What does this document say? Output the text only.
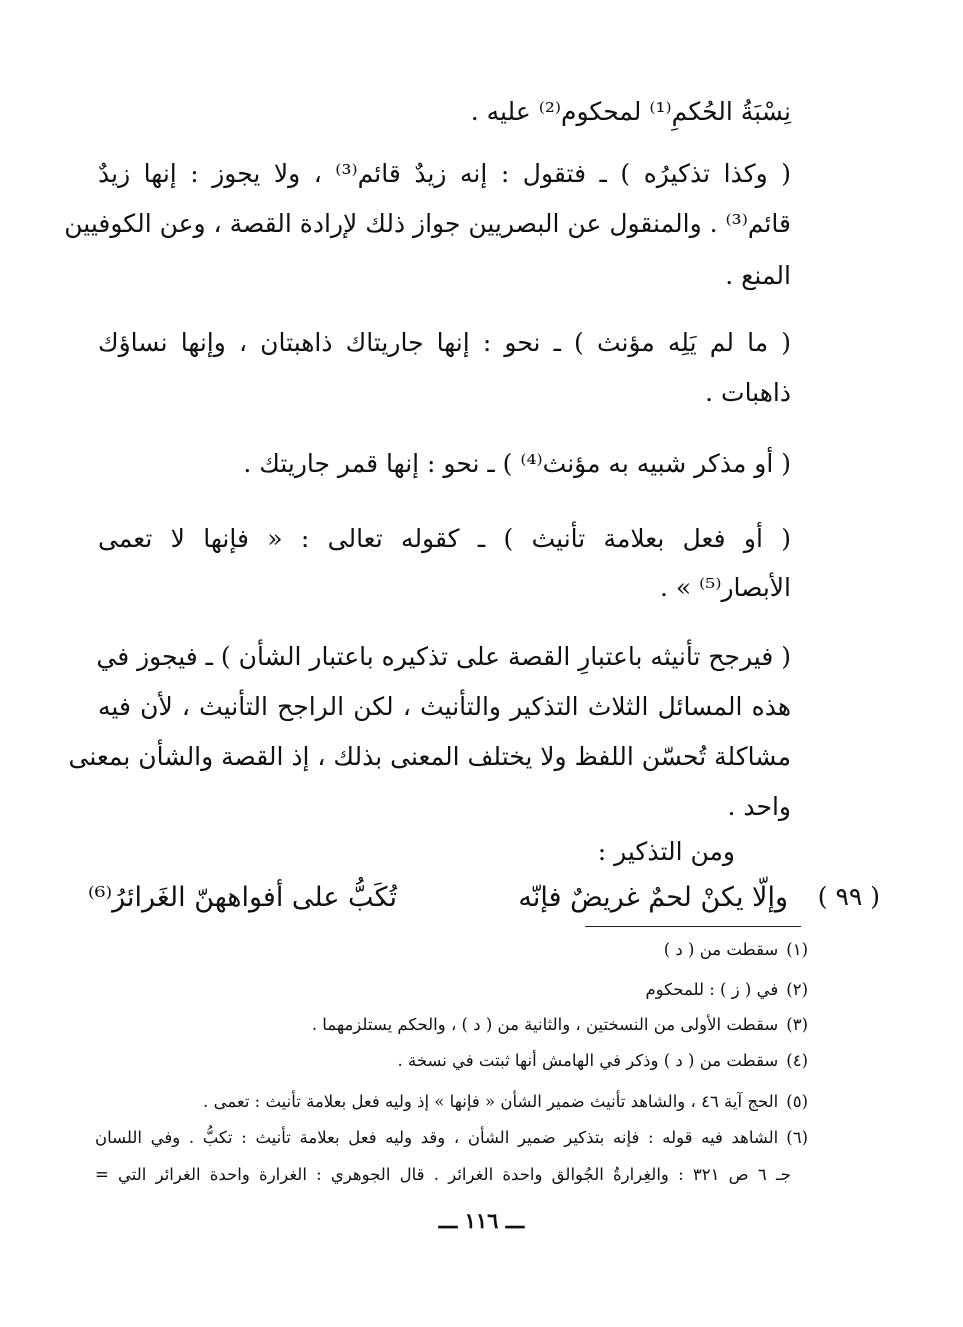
نِسْبَةُ الحُكمِ⁽¹⁾ لمحكوم⁽²⁾ عليه .
( وكذا تذكيرُه ) ـ فتقول : إنه زيدٌ قائم⁽³⁾ ، ولا يجوز : إنها زيدٌ
قائم⁽³⁾ . والمنقول عن البصريين جواز ذلك لإرادة القصة ، وعن الكوفيين
المنع .
( ما لم يَلِه مؤنث ) ـ نحو : إنها جاريتاك ذاهبتان ، وإنها نساؤك
ذاهبات .
( أو مذكر شبيه به مؤنث⁽⁴⁾ ) ـ نحو : إنها قمر جاريتك .
( أو فعل بعلامة تأنيث ) ـ كقوله تعالى : « فإنها لا تعمى
الأبصار⁽⁵⁾ » .
( فيرجح تأنيثه باعتبارِ القصة على تذكيره باعتبار الشأن ) ـ فيجوز في
هذه المسائل الثلاث التذكير والتأنيث ، لكن الراجح التأنيث ، لأن فيه
مشاكلة تُحسّن اللفظ ولا يختلف المعنى بذلك ، إذ القصة والشأن بمعنى
واحد .
ومن التذكير :
( ٩٩ )
وإلّا يكنْ لحمٌ غريضٌ فإنّه
تُكَبُّ على أفواههنّ الغَرائرُ⁽⁶⁾
(١)سقطت من ( د )
(٢)في ( ز ) : للمحكوم
(٣)سقطت الأولى من النسختين ، والثانية من ( د ) ، والحكم يستلزمهما .
(٤)سقطت من ( د ) وذكر في الهامش أنها ثبتت في نسخة .
(٥)الحج آية ٤٦ ، والشاهد تأنيث ضمير الشأن « فإنها » إذ وليه فعل بعلامة تأنيث : تعمى .
(٦)الشاهد فيه قوله : فإنه بتذكير ضمير الشأن ، وقد وليه فعل بعلامة تأنيث : تكبُّ . وفي اللسان
جـ ٦ ص ٣٢١ : والغِرارةُ الجُوالق واحدة الغرائر . قال الجوهري : الغرارة واحدة الغرائر التي =
ـــ ١١٦ ـــ
